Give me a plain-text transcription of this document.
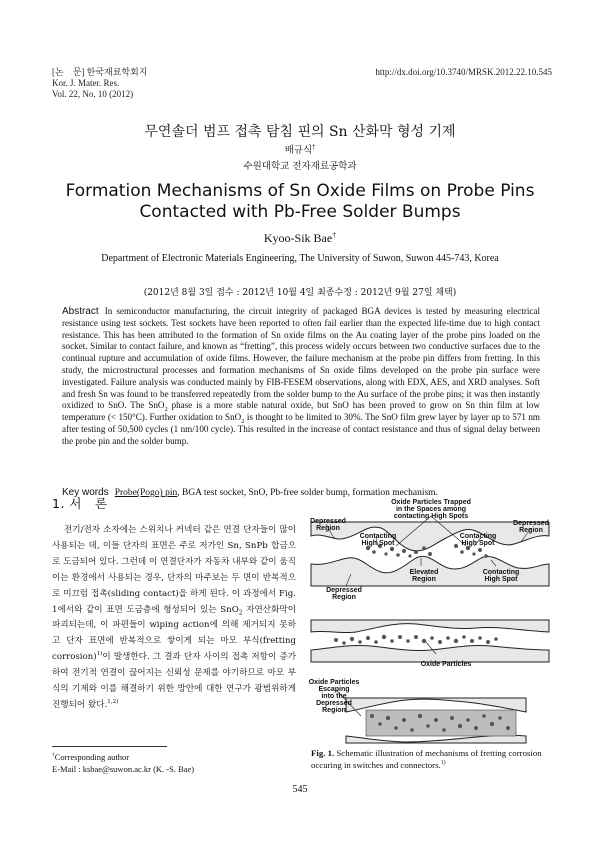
[논　문] 한국재료학회지
Kor. J. Mater. Res.
Vol. 22, No. 10 (2012)
http://dx.doi.org/10.3740/MRSK.2012.22.10.545
무연솔더 범프 접촉 탐침 핀의 Sn 산화막 형성 기제
배규식†
수원대학교 전자재료공학과
Formation Mechanisms of Sn Oxide Films on Probe Pins Contacted with Pb-Free Solder Bumps
Kyoo-Sik Bae†
Department of Electronic Materials Engineering, The University of Suwon, Suwon 445-743, Korea
(2012년 8월 3일 접수 : 2012년 10월 4일 최종수정 : 2012년 9월 27일 채택)
Abstract In semiconductor manufacturing, the circuit integrity of packaged BGA devices is tested by measuring electrical resistance using test sockets. Test sockets have been reported to often fail earlier than the expected life-time due to high contact resistance. This has been attributed to the formation of Sn oxide films on the Au coating layer of the probe pins loaded on the socket. Similar to contact failure, and known as “fretting”, this process widely occurs between two conductive surfaces due to the continual rupture and accumulation of oxide films. However, the failure mechanism at the probe pin differs from fretting. In this study, the microstructural processes and formation mechanisms of Sn oxide films developed on the probe pin surface were investigated. Failure analysis was conducted mainly by FIB-FESEM observations, along with EDX, AES, and XRD analyses. Soft and fresh Sn was found to be transferred repeatedly from the solder bump to the Au surface of the probe pins; it was then instantly oxidized to SnO. The SnO$_2$ phase is a more stable natural oxide, but SnO has been proved to grow on Sn thin film at low temperature (< 150°C). Further oxidation to SnO$_2$ is thought to be limited to 30%. The SnO film grew layer by layer up to 571 nm after testing of 50,500 cycles (1 nm/100 cycle). This resulted in the increase of contact resistance and thus of signal delay between the probe pin and the solder bump.
Key words Probe(Pogo) pin, BGA test socket, SnO, Pb-free solder bump, formation mechanism.
1. 서　론
전기/전자 소자에는 스위치나 커넥터 같은 연결 단자들이 많이 사용되는 데, 이들 단자의 표면은 주로 저가인 Sn, SnPb 합금으로 도금되어 있다. 그런데 이 연결단자가 자동차 내부와 같이 움직이는 환경에서 사용되는 경우, 단자의 마주보는 두 면이 반복적으로 미끄럼 접촉(sliding contact)을 하게 된다. 이 과정에서 Fig. 1에서와 같이 표면 도금층에 형성되어 있는 SnO$_2$ 자연산화막이 파괴되는데, 이 파편들이 wiping action에 의해 제거되지 못하고 단자 표면에 반복적으로 쌓이게 되는 마모 부식(fretting corrosion)$^{1)}$이 발생한다. 그 결과 단자 사이의 접촉 저항이 증가하여 전기적 연결이 끊어지는 신뢰성 문제를 야기하므로 마모 부식의 기제와 이를 해결하기 위한 방안에 대한 연구가 광범위하게 진행되어 왔다.$^{1,2)}$
†Corresponding author
E-Mail : ksbae@suwon.ac.kr (K. -S. Bae)
Oxide Particles Trapped
in the Spaces among
contacting High Spots
Depressed
Region
Depressed
Region
Contacting
High Spot
Contacting
High Spot
Elevated
Region
Contacting
High Spot
Depressed
Region
Oxide Particles
Oxide Particles
Escaping
into the
Depressed
Region
Fig. 1. Schematic illustration of mechanisms of fretting corrosion occuring in switches and connectors.$^{1)}$
545
